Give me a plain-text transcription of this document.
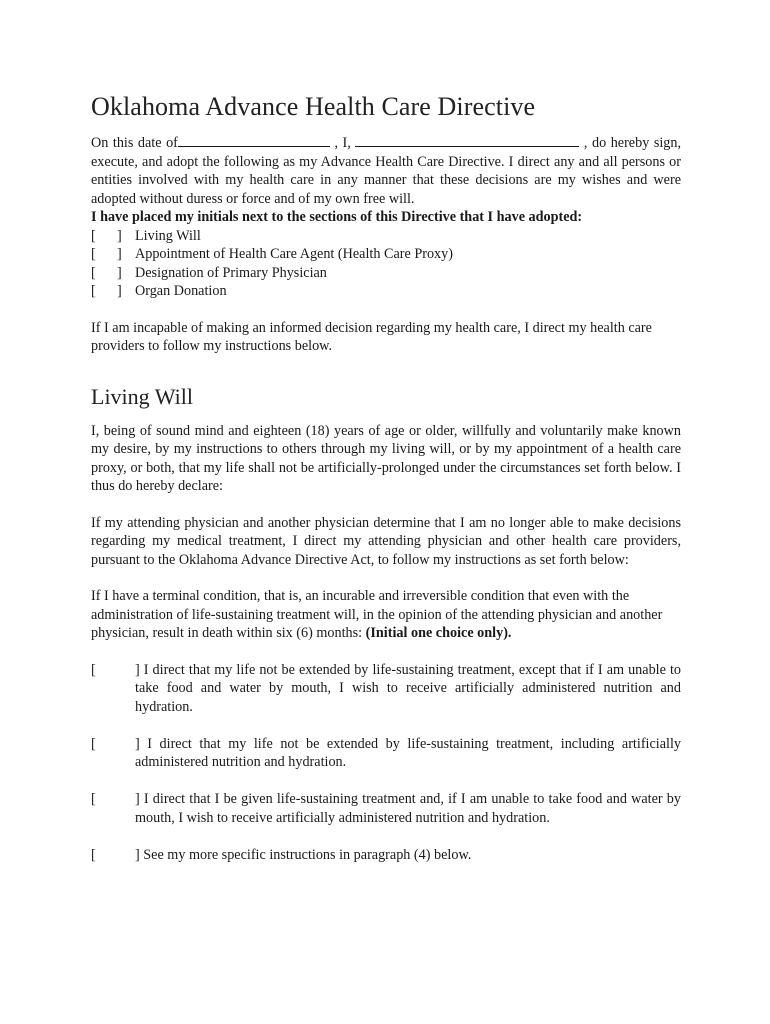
Oklahoma Advance Health Care Directive

On this date of	, I,	, do hereby sign, execute, and adopt the following as my Advance Health Care Directive. I direct any and all persons or entities involved with my health care in any manner that these decisions are my wishes and were adopted without duress or force and of my own free will.

I have placed my initials next to the sections of this Directive that I have adopted:

[ ] Living Will
[ ] Appointment of Health Care Agent (Health Care Proxy)
[ ] Designation of Primary Physician
[ ] Organ Donation

If I am incapable of making an informed decision regarding my health care, I direct my health care providers to follow my instructions below.

Living Will

I, being of sound mind and eighteen (18) years of age or older, willfully and voluntarily make known my desire, by my instructions to others through my living will, or by my appointment of a health care proxy, or both, that my life shall not be artificially-prolonged under the circumstances set forth below. I thus do hereby declare:

If my attending physician and another physician determine that I am no longer able to make decisions regarding my medical treatment, I direct my attending physician and other health care providers, pursuant to the Oklahoma Advance Directive Act, to follow my instructions as set forth below:

If I have a terminal condition, that is, an incurable and irreversible condition that even with the administration of life-sustaining treatment will, in the opinion of the attending physician and another physician, result in death within six (6) months: (Initial one choice only).

[	] I direct that my life not be extended by life-sustaining treatment, except that if I am unable to take food and water by mouth, I wish to receive artificially administered nutrition and hydration.
[	] I direct that my life not be extended by life-sustaining treatment, including artificially administered nutrition and hydration.
[	] I direct that I be given life-sustaining treatment and, if I am unable to take food and water by mouth, I wish to receive artificially administered nutrition and hydration.
[	] See my more specific instructions in paragraph (4) below.
